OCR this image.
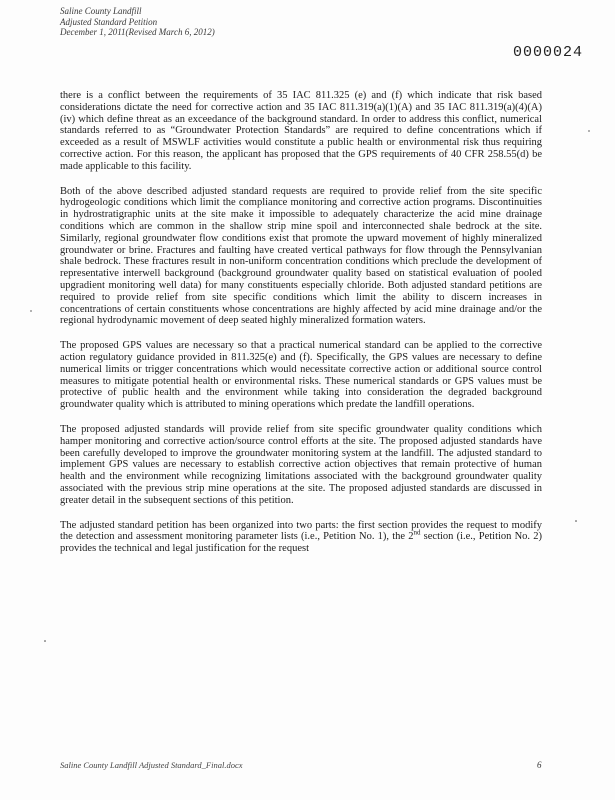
Saline County Landfill
Adjusted Standard Petition
December 1, 2011(Revised March 6, 2012)
0000024

there is a conflict between the requirements of 35 IAC 811.325 (e) and (f) which indicate that risk based considerations dictate the need for corrective action and 35 IAC 811.319(a)(1)(A) and 35 IAC 811.319(a)(4)(A)(iv) which define threat as an exceedance of the background standard. In order to address this conflict, numerical standards referred to as “Groundwater Protection Standards” are required to define concentrations which if exceeded as a result of MSWLF activities would constitute a public health or environmental risk thus requiring corrective action. For this reason, the applicant has proposed that the GPS requirements of 40 CFR 258.55(d) be made applicable to this facility.

Both of the above described adjusted standard requests are required to provide relief from the site specific hydrogeologic conditions which limit the compliance monitoring and corrective action programs. Discontinuities in hydrostratigraphic units at the site make it impossible to adequately characterize the acid mine drainage conditions which are common in the shallow strip mine spoil and interconnected shale bedrock at the site. Similarly, regional groundwater flow conditions exist that promote the upward movement of highly mineralized groundwater or brine. Fractures and faulting have created vertical pathways for flow through the Pennsylvanian shale bedrock. These fractures result in non-uniform concentration conditions which preclude the development of representative interwell background (background groundwater quality based on statistical evaluation of pooled upgradient monitoring well data) for many constituents especially chloride. Both adjusted standard petitions are required to provide relief from site specific conditions which limit the ability to discern increases in concentrations of certain constituents whose concentrations are highly affected by acid mine drainage and/or the regional hydrodynamic movement of deep seated highly mineralized formation waters.

The proposed GPS values are necessary so that a practical numerical standard can be applied to the corrective action regulatory guidance provided in 811.325(e) and (f). Specifically, the GPS values are necessary to define numerical limits or trigger concentrations which would necessitate corrective action or additional source control measures to mitigate potential health or environmental risks. These numerical standards or GPS values must be protective of public health and the environment while taking into consideration the degraded background groundwater quality which is attributed to mining operations which predate the landfill operations.

The proposed adjusted standards will provide relief from site specific groundwater quality conditions which hamper monitoring and corrective action/source control efforts at the site. The proposed adjusted standards have been carefully developed to improve the groundwater monitoring system at the landfill. The adjusted standard to implement GPS values are necessary to establish corrective action objectives that remain protective of human health and the environment while recognizing limitations associated with the background groundwater quality associated with the previous strip mine operations at the site. The proposed adjusted standards are discussed in greater detail in the subsequent sections of this petition.

The adjusted standard petition has been organized into two parts: the first section provides the request to modify the detection and assessment monitoring parameter lists (i.e., Petition No. 1), the 2nd section (i.e., Petition No. 2) provides the technical and legal justification for the request

Saline County Landfill Adjusted Standard_Final.docx	6
